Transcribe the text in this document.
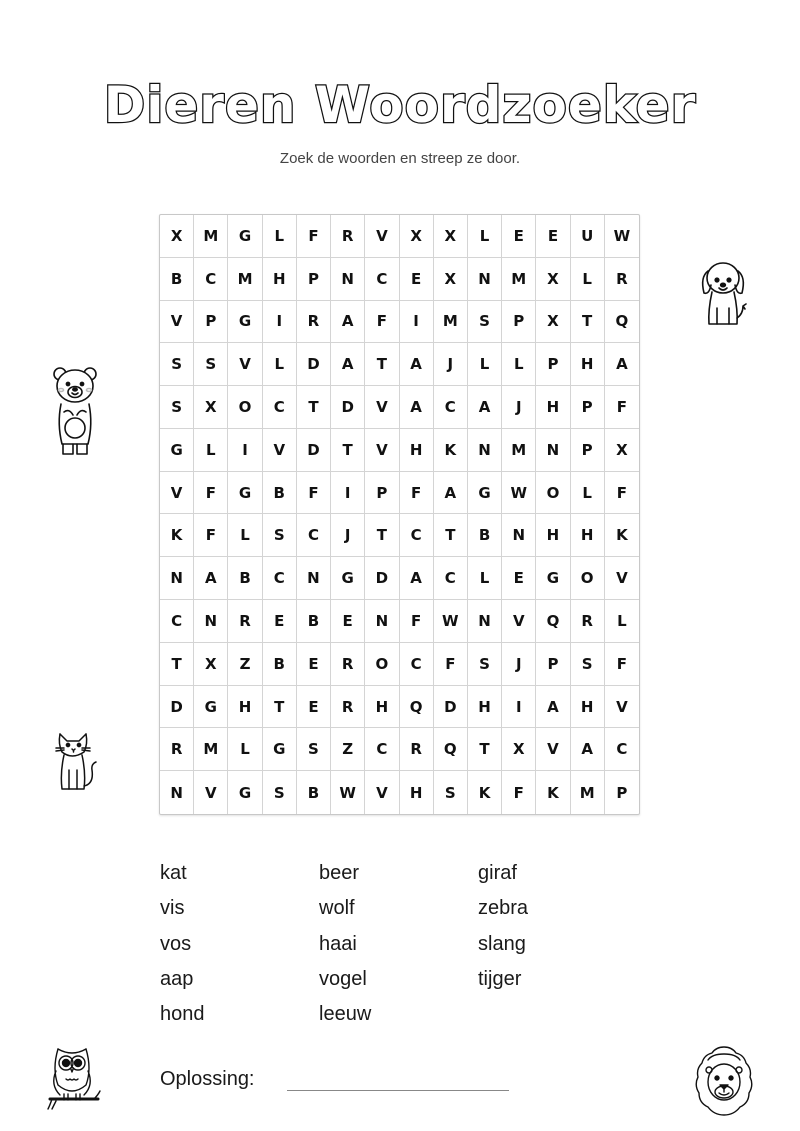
Dieren Woordzoeker
Zoek de woorden en streep ze door.
X	M	G	L	F	R	V	X	X	L	E	E	U	W
B	C	M	H	P	N	C	E	X	N	M	X	L	R
V	P	G	I	R	A	F	I	M	S	P	X	T	Q
S	S	V	L	D	A	T	A	J	L	L	P	H	A
S	X	O	C	T	D	V	A	C	A	J	H	P	F
G	L	I	V	D	T	V	H	K	N	M	N	P	X
V	F	G	B	F	I	P	F	A	G	W	O	L	F
K	F	L	S	C	J	T	C	T	B	N	H	H	K
N	A	B	C	N	G	D	A	C	L	E	G	O	V
C	N	R	E	B	E	N	F	W	N	V	Q	R	L
T	X	Z	B	E	R	O	C	F	S	J	P	S	F
D	G	H	T	E	R	H	Q	D	H	I	A	H	V
R	M	L	G	S	Z	C	R	Q	T	X	V	A	C
N	V	G	S	B	W	V	H	S	K	F	K	M	P
kat
vis
vos
aap
hond
beer
wolf
haai
vogel
leeuw
giraf
zebra
slang
tijger
Oplossing:
